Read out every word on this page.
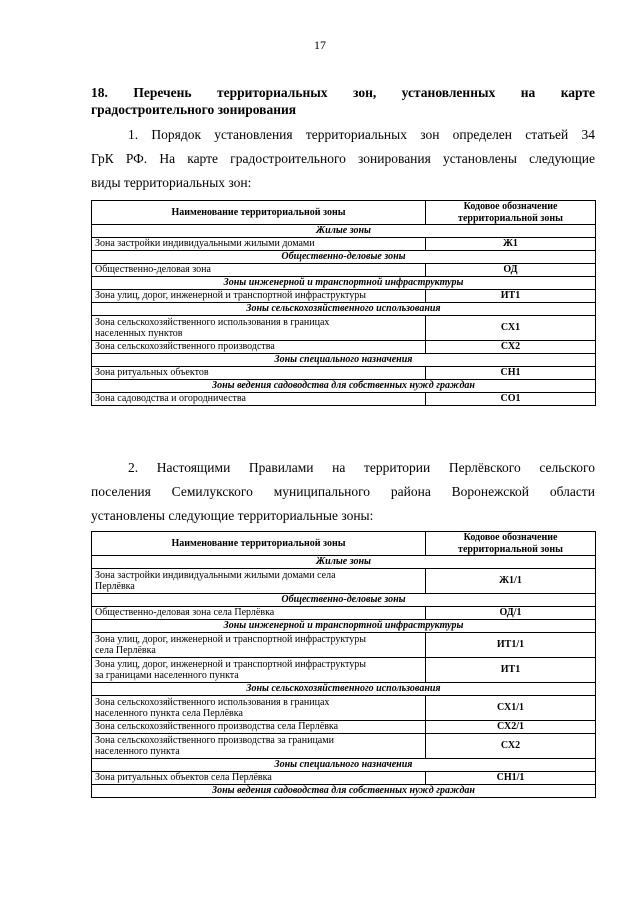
17
18. Перечень территориальных зон, установленных на карте
градостроительного зонирования
1. Порядок установления территориальных зон определен статьей 34
ГрК РФ. На карте градостроительного зонирования установлены следующие
виды территориальных зон:
Наименование территориальной зоны	Кодовое обозначение
территориальной зоны
Жилые зоны	
Зона застройки индивидуальными жилыми домами	Ж1
Общественно-деловые зоны	
Общественно-деловая зона	ОД
Зоны инженерной и транспортной инфраструктуры	
Зона улиц, дорог, инженерной и транспортной инфраструктуры	ИТ1
Зоны сельскохозяйственного использования	
Зона сельскохозяйственного использования в границах
населенных пунктов	СХ1
Зона сельскохозяйственного производства	СХ2
Зоны специального назначения	
Зона ритуальных объектов	СН1
Зоны ведения садоводства для собственных нужд граждан	
Зона садоводства и огородничества	СО1
2. Настоящими Правилами на территории Перлёвского сельского
поселения Семилукского муниципального района Воронежской области
установлены следующие территориальные зоны:
Наименование территориальной зоны	Кодовое обозначение
территориальной зоны
Жилые зоны	
Зона застройки индивидуальными жилыми домами села
Перлёвка	Ж1/1
Общественно-деловые зоны	
Общественно-деловая зона села Перлёвка	ОД/1
Зоны инженерной и транспортной инфраструктуры	
Зона улиц, дорог, инженерной и транспортной инфраструктуры
села Перлёвка	ИТ1/1
Зона улиц, дорог, инженерной и транспортной инфраструктуры
за границами населенного пункта	ИТ1
Зоны сельскохозяйственного использования	
Зона сельскохозяйственного использования в границах
населенного пункта села Перлёвка	СХ1/1
Зона сельскохозяйственного производства села Перлёвка	СХ2/1
Зона сельскохозяйственного производства за границами
населенного пункта	СХ2
Зоны специального назначения	
Зона ритуальных объектов села Перлёвка	СН1/1
Зоны ведения садоводства для собственных нужд граждан	
